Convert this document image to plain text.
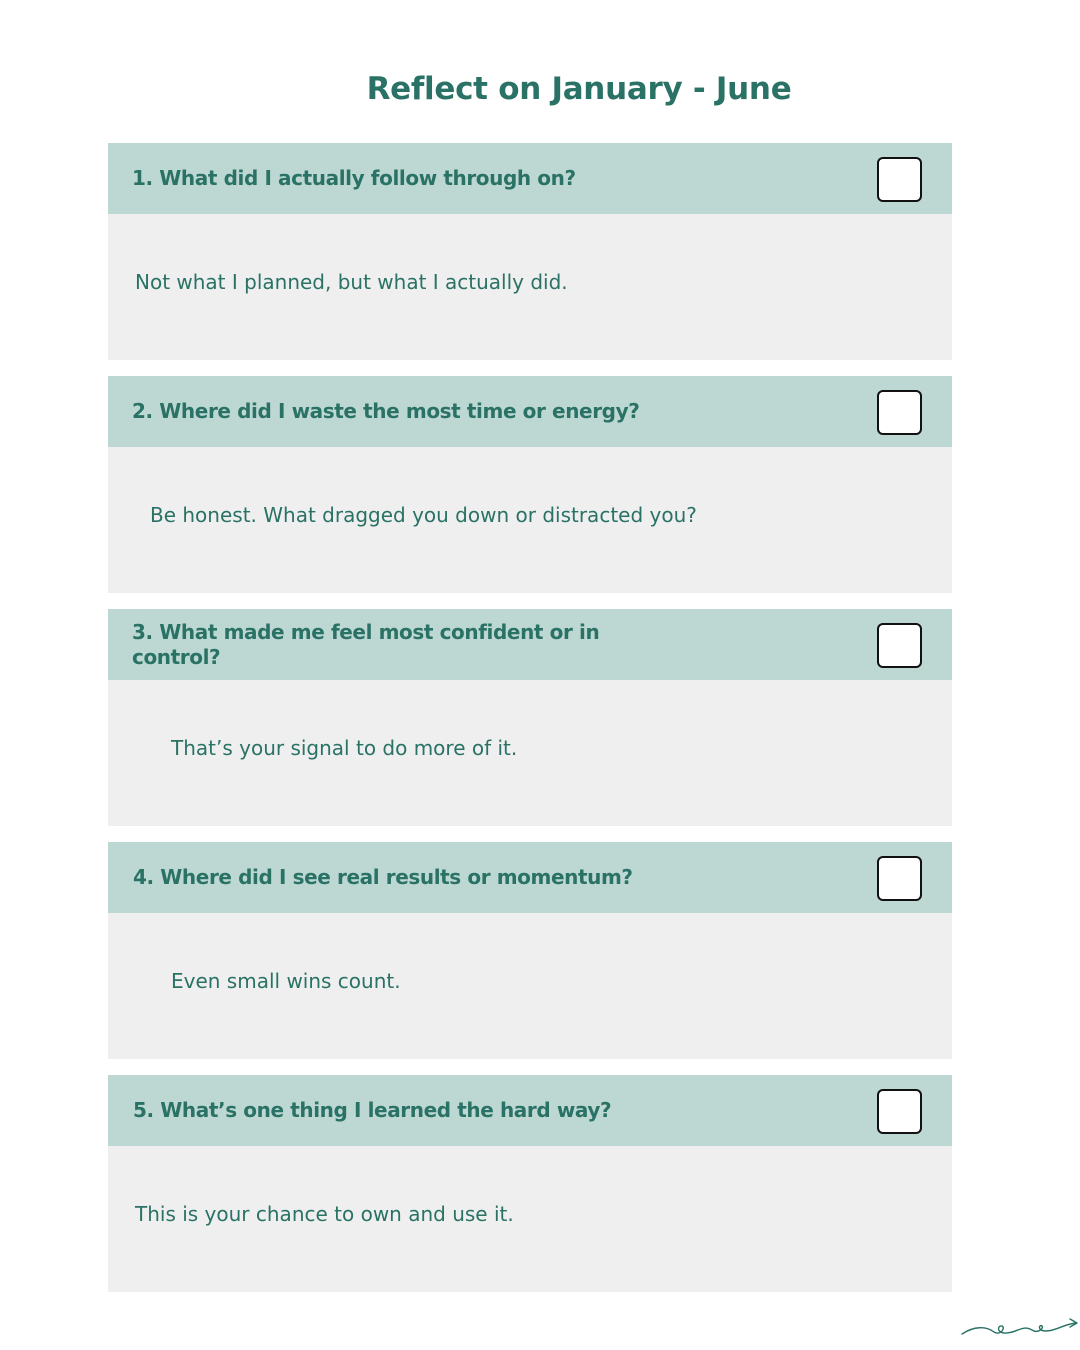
Reflect on January - June
1. What did I actually follow through on?
Not what I planned, but what I actually did.
2. Where did I waste the most time or energy?
Be honest. What dragged you down or distracted you?
3. What made me feel most confident or in control?
That’s your signal to do more of it.
4. Where did I see real results or momentum?
Even small wins count.
5. What’s one thing I learned the hard way?
This is your chance to own and use it.
